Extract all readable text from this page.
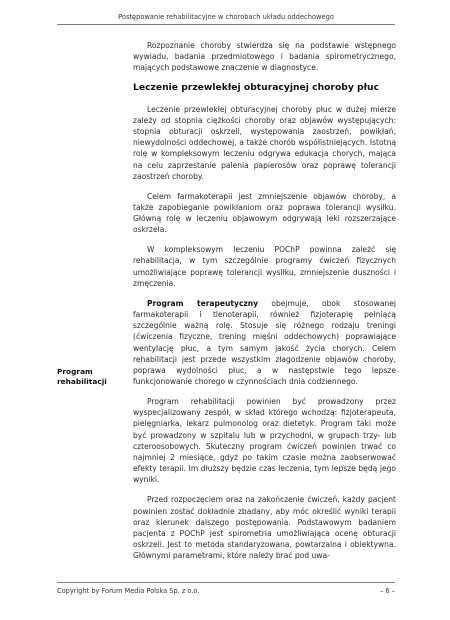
Postępowanie rehabilitacyjne w chorobach układu oddechowego
Program rehabilitacji

Rozpoznanie choroby stwierdza się na podstawie wstępnego wywiadu, badania przedmiotowego i badania spirometrycznego, mających podstawowe znaczenie w diagnostyce.

Leczenie przewlekłej obturacyjnej choroby płuc

Leczenie przewlekłej obturacyjnej choroby płuc w dużej mierze zależy od stopnia ciężkości choroby oraz objawów występujących: stopnia obturacji oskrzeli, występowania zaostrzeń, powikłań, niewydolności oddechowej, a także chorób współistniejących. Istotną rolę w kompleksowym leczeniu odgrywa edukacja chorych, mająca na celu zaprzestanie palenia papierosów oraz poprawę tolerancji zaostrzeń choroby.

Celem farmakoterapii jest zmniejszenie objawów choroby, a także zapobieganie powikłaniom oraz poprawa tolerancji wysiłku. Główną rolę w leczeniu objawowym odgrywają leki rozszerzające oskrzela.

W kompleksowym leczeniu POChP powinna zależć się rehabilitacja, w tym szczególnie programy ćwiczeń fizycznych umożliwiające poprawę tolerancji wysiłku, zmniejszenie duszności i zmęczenia.

Program terapeutyczny obejmuje, obok stosowanej farmakoterapii i tlenoterapii, również fizjoterapię pełniącą szczególnie ważną rolę. Stosuje się różnego rodzaju treningi (ćwiczenia fizyczne, trening mięśni oddechowych) poprawiające wentylację płuc, a tym samym jakość życia chorych. Celem rehabilitacji jest przede wszystkim złagodzenie objawów choroby, poprawa wydolności płuc, a w następstwie tego lepsze funkcjonowanie chorego w czynnościach dnia codziennego.

Program rehabilitacji powinien być prowadzony przez wyspecjalizowany zespół, w skład którego wchodzą: fizjoterapeuta, pielęgniarka, lekarz pulmonolog oraz dietetyk. Program taki może być prowadzony w szpitalu lub w przychodni, w grupach trzy- lub czteroosobowych. Skuteczny program ćwiczeń powinien trwać co najmniej 2 miesiące, gdyż po takim czasie można zaobserwować efekty terapii. Im dłuższy będzie czas leczenia, tym lepsze będą jego wyniki.

Przed rozpoczęciem oraz na zakończenie ćwiczeń, każdy pacjent powinien zostać dokładnie zbadany, aby móc określić wyniki terapii oraz kierunek dalszego postępowania. Podstawowym badaniem pacjenta z POChP jest spirometria umożliwiająca ocenę obturacji oskrzeli. Jest to metoda standaryzowana, powtarzalna i obiektywna. Głównymi parametrami, które należy brać pod uwa-

Copyright by Forum Media Polska Sp. z o.o.	– 6 –
